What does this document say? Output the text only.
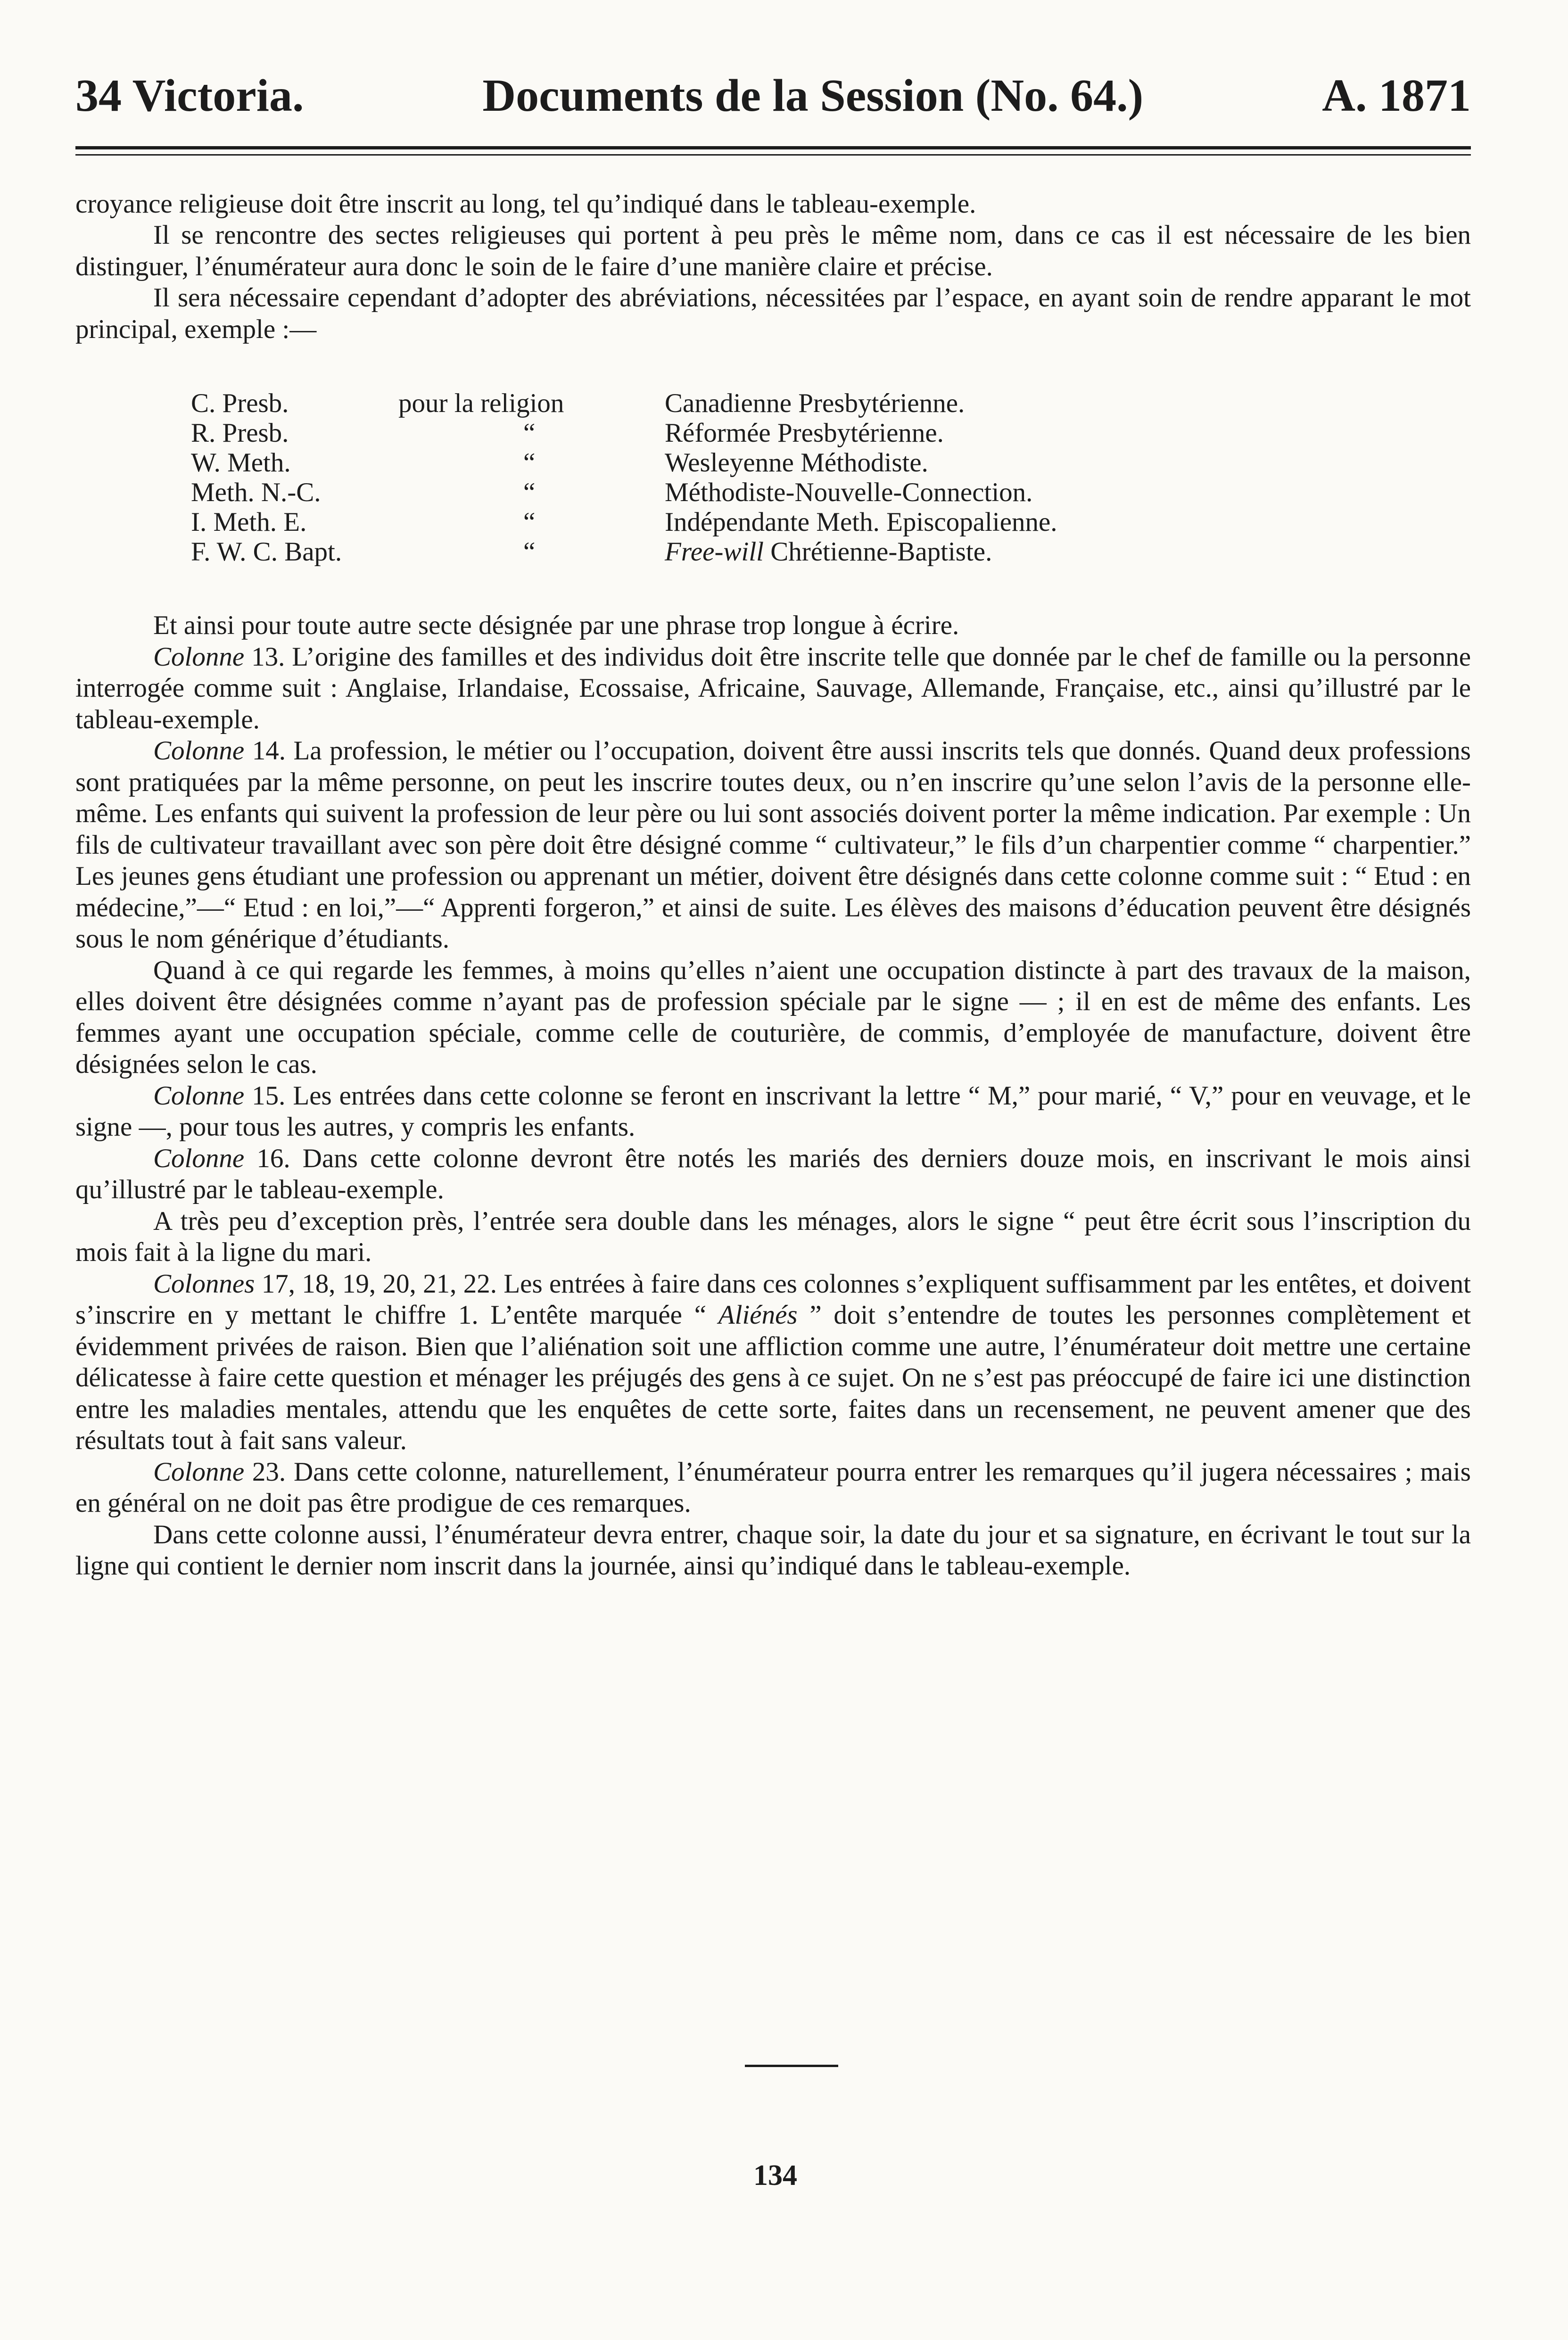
34 Victoria.	Documents de la Session (No. 64.)	A. 1871

croyance religieuse doit être inscrit au long, tel qu’indiqué dans le tableau-exemple.

Il se rencontre des sectes religieuses qui portent à peu près le même nom, dans ce cas il est nécessaire de les bien distinguer, l’énumérateur aura donc le soin de le faire d’une manière claire et précise.

Il sera nécessaire cependant d’adopter des abréviations, nécessitées par l’espace, en ayant soin de rendre apparant le mot principal, exemple :—

C. Presb.	pour la religion	Canadienne Presbytérienne.
R. Presb.	“	Réformée Presbytérienne.
W. Meth.	“	Wesleyenne Méthodiste.
Meth. N.-C.	“	Méthodiste-Nouvelle-Connection.
I. Meth. E.	“	Indépendante Meth. Episcopalienne.
F. W. C. Bapt.	“	Free-will Chrétienne-Baptiste.

Et ainsi pour toute autre secte désignée par une phrase trop longue à écrire.

Colonne 13. L’origine des familles et des individus doit être inscrite telle que donnée par le chef de famille ou la personne interrogée comme suit : Anglaise, Irlandaise, Ecossaise, Africaine, Sauvage, Allemande, Française, etc., ainsi qu’illustré par le tableau-exemple.

Colonne 14. La profession, le métier ou l’occupation, doivent être aussi inscrits tels que donnés. Quand deux professions sont pratiquées par la même personne, on peut les inscrire toutes deux, ou n’en inscrire qu’une selon l’avis de la personne elle-même. Les enfants qui suivent la profession de leur père ou lui sont associés doivent porter la même indication. Par exemple : Un fils de cultivateur travaillant avec son père doit être désigné comme “ cultivateur,” le fils d’un charpentier comme “ charpentier.” Les jeunes gens étudiant une profession ou apprenant un métier, doivent être désignés dans cette colonne comme suit : “ Etud : en médecine,”—“ Etud : en loi,”—“ Apprenti forgeron,” et ainsi de suite. Les élèves des maisons d’éducation peuvent être désignés sous le nom générique d’étudiants.

Quand à ce qui regarde les femmes, à moins qu’elles n’aient une occupation distincte à part des travaux de la maison, elles doivent être désignées comme n’ayant pas de profession spéciale par le signe — ; il en est de même des enfants. Les femmes ayant une occupation spéciale, comme celle de couturière, de commis, d’employée de manufacture, doivent être désignées selon le cas.

Colonne 15. Les entrées dans cette colonne se feront en inscrivant la lettre “ M,” pour marié, “ V,” pour en veuvage, et le signe —, pour tous les autres, y compris les enfants.

Colonne 16. Dans cette colonne devront être notés les mariés des derniers douze mois, en inscrivant le mois ainsi qu’illustré par le tableau-exemple.

A très peu d’exception près, l’entrée sera double dans les ménages, alors le signe “ peut être écrit sous l’inscription du mois fait à la ligne du mari.

Colonnes 17, 18, 19, 20, 21, 22. Les entrées à faire dans ces colonnes s’expliquent suffisamment par les entêtes, et doivent s’inscrire en y mettant le chiffre 1. L’entête marquée “ Aliénés ” doit s’entendre de toutes les personnes complètement et évidemment privées de raison. Bien que l’aliénation soit une affliction comme une autre, l’énumérateur doit mettre une certaine délicatesse à faire cette question et ménager les préjugés des gens à ce sujet. On ne s’est pas préoccupé de faire ici une distinction entre les maladies mentales, attendu que les enquêtes de cette sorte, faites dans un recensement, ne peuvent amener que des résultats tout à fait sans valeur.

Colonne 23. Dans cette colonne, naturellement, l’énumérateur pourra entrer les remarques qu’il jugera nécessaires ; mais en général on ne doit pas être prodigue de ces remarques.

Dans cette colonne aussi, l’énumérateur devra entrer, chaque soir, la date du jour et sa signature, en écrivant le tout sur la ligne qui contient le dernier nom inscrit dans la journée, ainsi qu’indiqué dans le tableau-exemple.

134
